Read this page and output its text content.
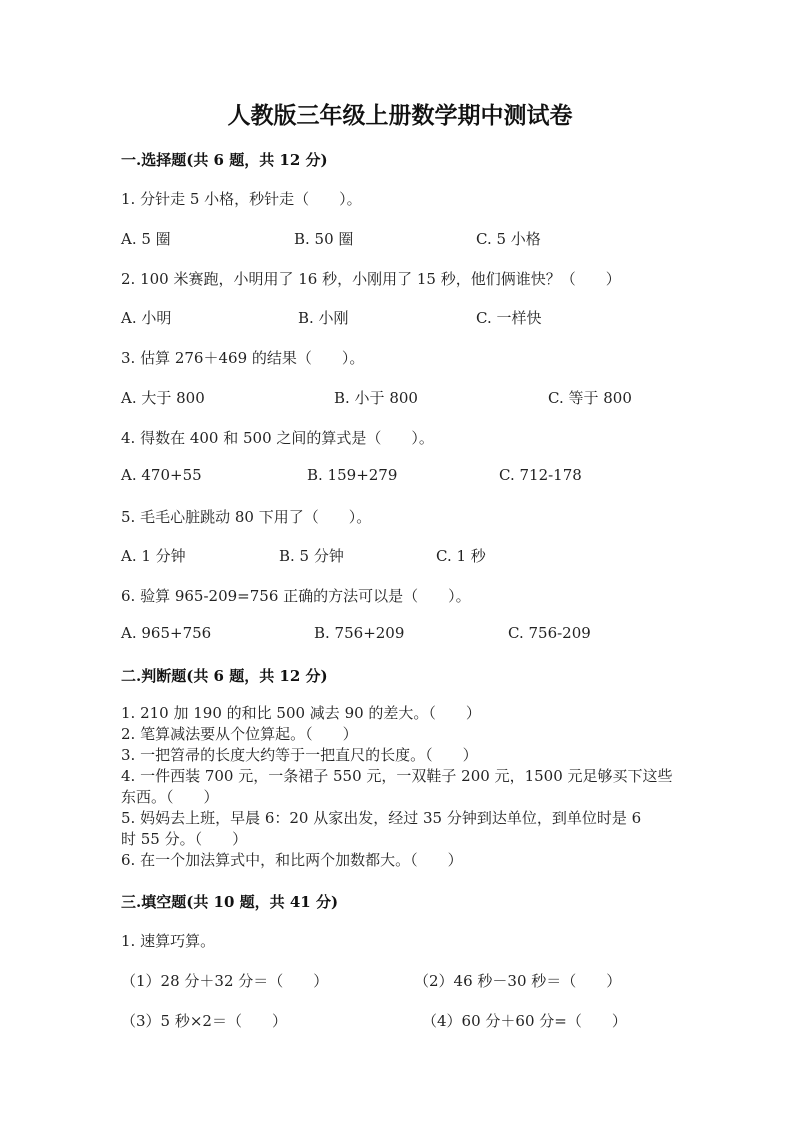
人教版三年级上册数学期中测试卷
一.选择题(共 6 题，共 12 分)
1. 分针走 5 小格，秒针走（　　）。
A. 5 圈	B. 50 圈	C. 5 小格
2. 100 米赛跑，小明用了 16 秒，小刚用了 15 秒，他们俩谁快？（　　）
A. 小明	B. 小刚	C. 一样快
3. 估算 276＋469 的结果（　　）。
A. 大于 800	B. 小于 800	C. 等于 800
4. 得数在 400 和 500 之间的算式是（　　）。
A. 470+55	B. 159+279	C. 712-178
5. 毛毛心脏跳动 80 下用了（　　）。
A. 1 分钟	B. 5 分钟	C. 1 秒
6. 验算 965-209=756 正确的方法可以是（　　）。
A. 965+756	B. 756+209	C. 756-209
二.判断题(共 6 题，共 12 分)
1. 210 加 190 的和比 500 减去 90 的差大。（　　）
2. 笔算减法要从个位算起。（　　）
3. 一把笤帚的长度大约等于一把直尺的长度。（　　）
4. 一件西装 700 元，一条裙子 550 元，一双鞋子 200 元，1500 元足够买下这些
东西。（　　）
5. 妈妈去上班，早晨 6：20 从家出发，经过 35 分钟到达单位，到单位时是 6
时 55 分。（　　）
6. 在一个加法算式中，和比两个加数都大。（　　）
三.填空题(共 10 题，共 41 分)
1. 速算巧算。
（1）28 分＋32 分＝（　　）	（2）46 秒－30 秒＝（　　）
（3）5 秒×2＝（　　）	（4）60 分＋60 分=（　　）
